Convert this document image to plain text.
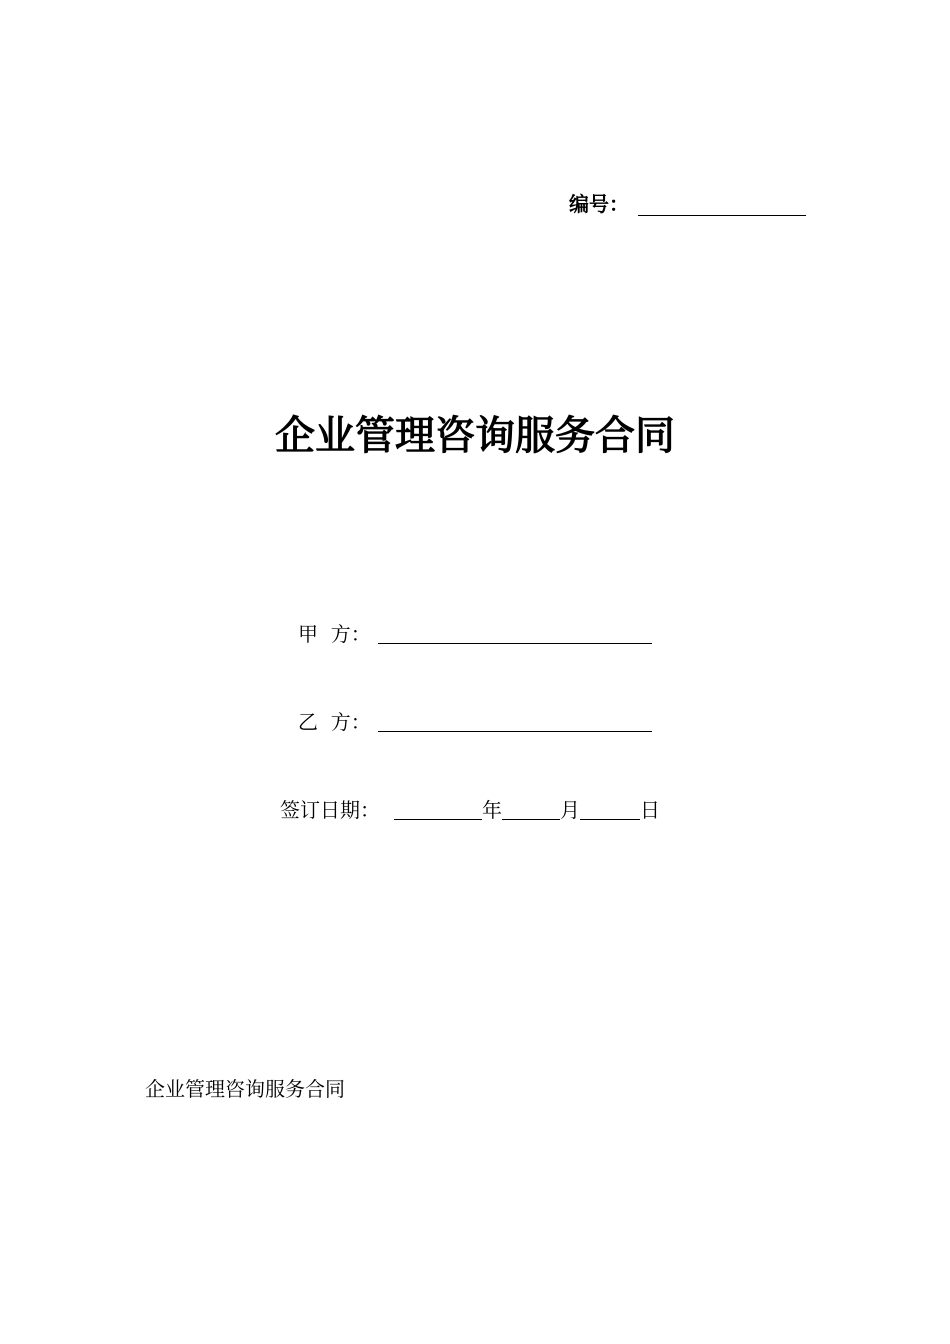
编号：
企业管理咨询服务合同
甲  方：
乙  方：
签订日期：	年	月	日
企业管理咨询服务合同
